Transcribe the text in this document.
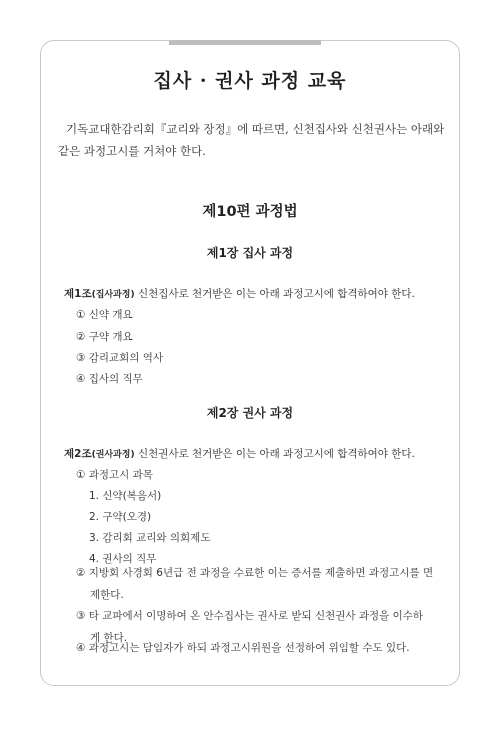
집사 · 권사 과정 교육
기독교대한감리회『교리와 장정』에 따르면, 신천집사와 신천권사는 아래와
같은 과정고시를 거쳐야 한다.
제10편 과정법
제1장 집사 과정
제1조(집사과정) 신천집사로 천거받은 이는 아래 과정고시에 합격하여야 한다.
① 신약 개요
② 구약 개요
③ 감리교회의 역사
④ 집사의 직무
제2장 권사 과정
제2조(권사과정) 신천권사로 천거받은 이는 아래 과정고시에 합격하여야 한다.
① 과정고시 과목
1. 신약(복음서)
2. 구약(오경)
3. 감리회 교리와 의회제도
4. 권사의 직무
② 지방회 사경회 6년급 전 과정을 수료한 이는 증서를 제출하면 과정고시를 면제한다.
③ 타 교파에서 이명하여 온 안수집사는 권사로 받되 신천권사 과정을 이수하게 한다.
④ 과정고시는 담임자가 하되 과정고시위원을 선정하여 위임할 수도 있다.
